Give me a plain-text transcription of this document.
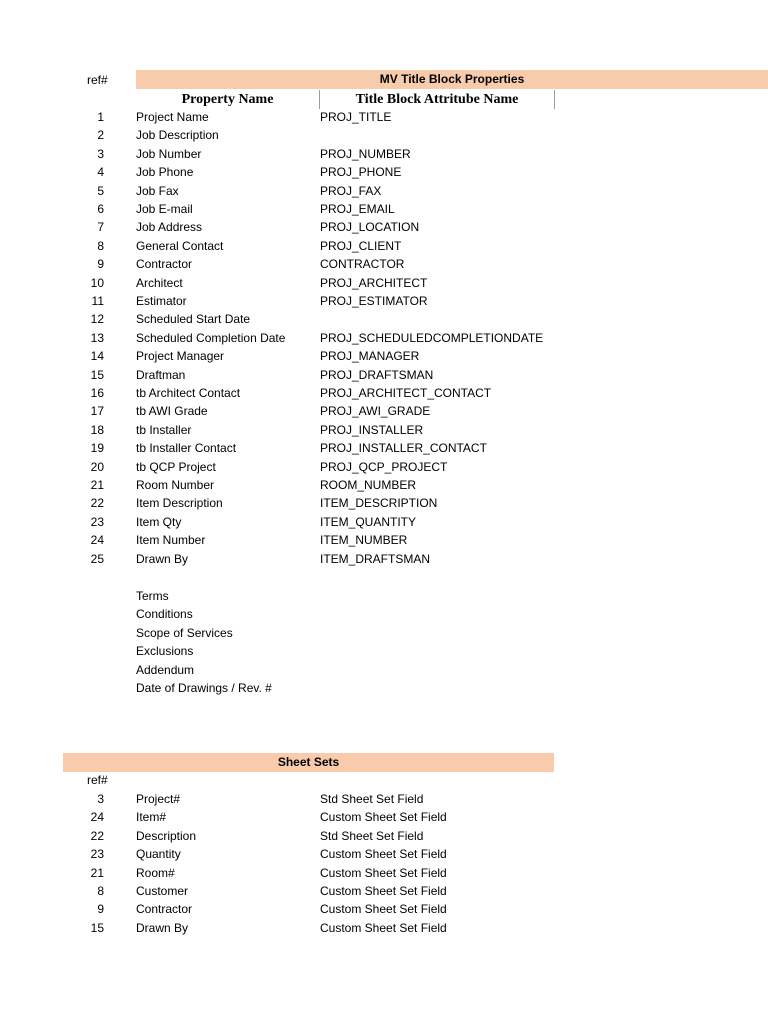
ref#	MV Title Block Properties
Property Name	Title Block Attritube Name
1	Project Name	PROJ_TITLE
2	Job Description
3	Job Number	PROJ_NUMBER
4	Job Phone	PROJ_PHONE
5	Job Fax	PROJ_FAX
6	Job E-mail	PROJ_EMAIL
7	Job Address	PROJ_LOCATION
8	General Contact	PROJ_CLIENT
9	Contractor	CONTRACTOR
10	Architect	PROJ_ARCHITECT
11	Estimator	PROJ_ESTIMATOR
12	Scheduled Start Date
13	Scheduled Completion Date	PROJ_SCHEDULEDCOMPLETIONDATE
14	Project Manager	PROJ_MANAGER
15	Draftman	PROJ_DRAFTSMAN
16	tb Architect Contact	PROJ_ARCHITECT_CONTACT
17	tb AWI Grade	PROJ_AWI_GRADE
18	tb Installer	PROJ_INSTALLER
19	tb Installer Contact	PROJ_INSTALLER_CONTACT
20	tb QCP Project	PROJ_QCP_PROJECT
21	Room Number	ROOM_NUMBER
22	Item Description	ITEM_DESCRIPTION
23	Item Qty	ITEM_QUANTITY
24	Item Number	ITEM_NUMBER
25	Drawn By	ITEM_DRAFTSMAN
Terms
Conditions
Scope of Services
Exclusions
Addendum
Date of Drawings / Rev. #
Sheet Sets
ref#
3	Project#	Std Sheet Set Field
24	Item#	Custom Sheet Set Field
22	Description	Std Sheet Set Field
23	Quantity	Custom Sheet Set Field
21	Room#	Custom Sheet Set Field
8	Customer	Custom Sheet Set Field
9	Contractor	Custom Sheet Set Field
15	Drawn By	Custom Sheet Set Field
